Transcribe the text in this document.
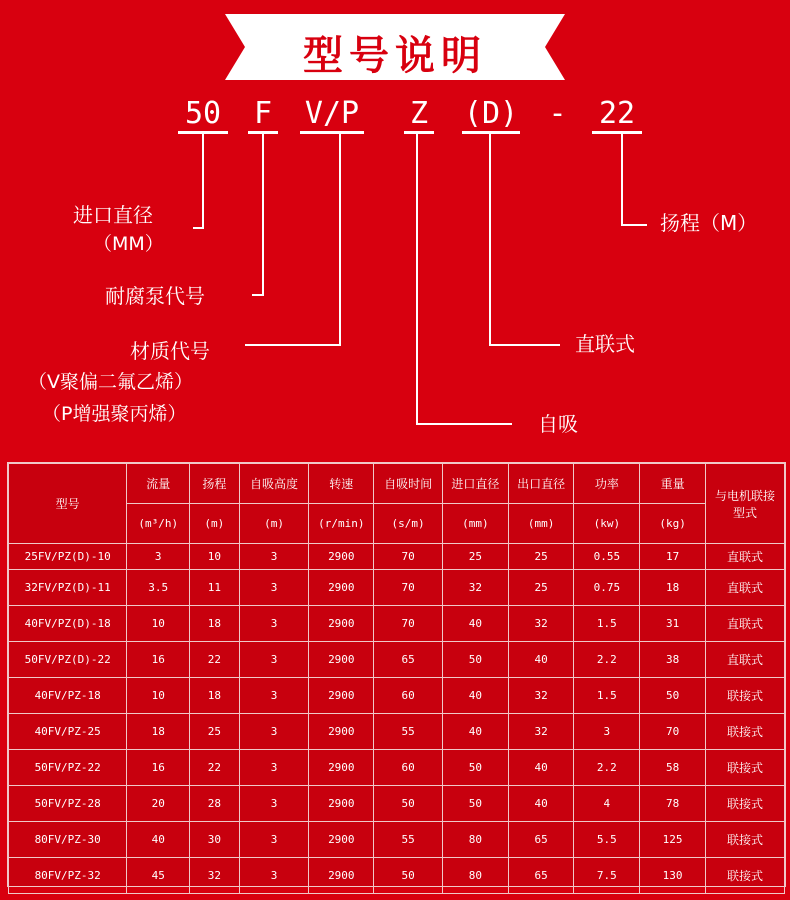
型号说明
50 F V/P Z (D) - 22
进口直径
（MM）
耐腐泵代号
材质代号
（V聚偏二氟乙烯）
（P增强聚丙烯）	自吸
直联式
扬程（M）
型号	流量	扬程	自吸高度	转速	自吸时间	进口直径	出口直径	功率	重量	与电机联接
型式

	(m³/h)	(m)	(m)	(r/min)	(s/m)	(mm)	(mm)	(kw)	(kg)	
25FV/PZ(D)-10	3	10	3	2900	70	25	25	0.55	17	直联式
32FV/PZ(D)-11	3.5	11	3	2900	70	32	25	0.75	18	直联式
40FV/PZ(D)-18	10	18	3	2900	70	40	32	1.5	31	直联式
50FV/PZ(D)-22	16	22	3	2900	65	50	40	2.2	38	直联式
40FV/PZ-18	10	18	3	2900	60	40	32	1.5	50	联接式
40FV/PZ-25	18	25	3	2900	55	40	32	3	70	联接式
50FV/PZ-22	16	22	3	2900	60	50	40	2.2	58	联接式
50FV/PZ-28	20	28	3	2900	50	50	40	4	78	联接式
80FV/PZ-30	40	30	3	2900	55	80	65	5.5	125	联接式
80FV/PZ-32	45	32	3	2900	50	80	65	7.5	130	联接式
